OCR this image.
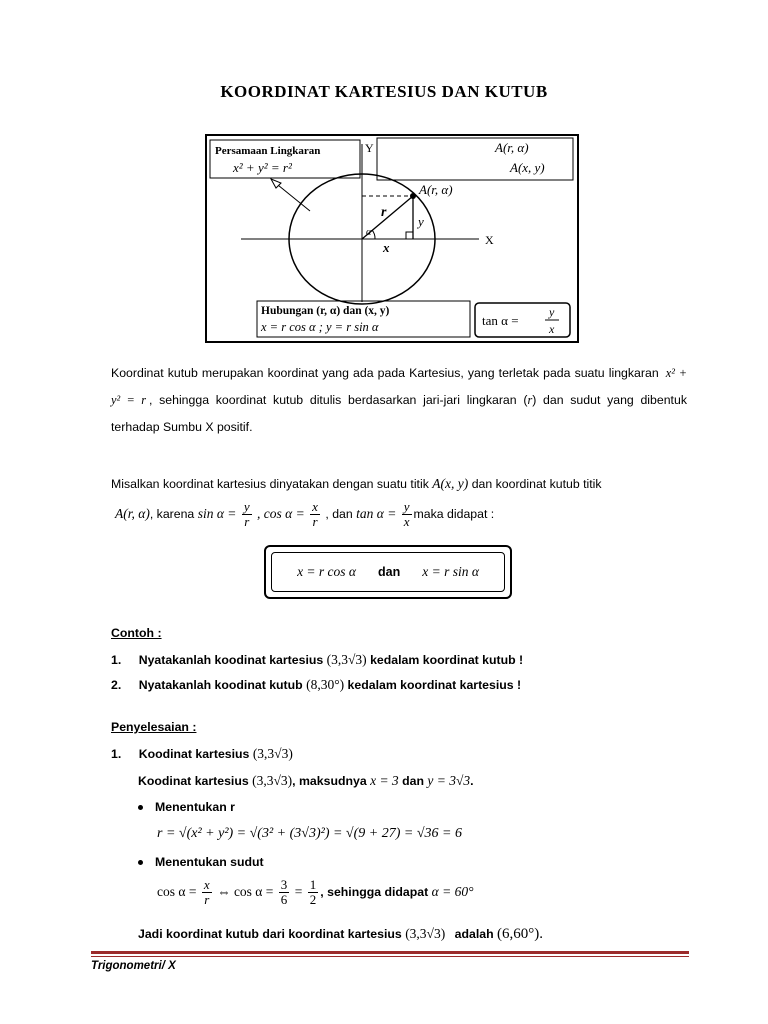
KOORDINAT KARTESIUS DAN KUTUB
Persamaan Lingkaran
x² + y² = r²
A(r, α)
A(x, y)
Y
X
A(r, α)
r
y
x
α
Hubungan (r, α) dan (x, y)
x = r cos α ; y = r sin α	tan α =
y
x
Koordinat kutub merupakan koordinat yang ada pada Kartesius, yang terletak pada suatu lingkaran x² + y² = r , sehingga koordinat kutub ditulis berdasarkan jari-jari lingkaran (r) dan sudut yang dibentuk terhadap Sumbu X positif.
Misalkan koordinat kartesius dinyatakan dengan suatu titik A(x, y) dan koordinat kutub titik
A(r, α), karena $\sin \alpha = \frac{y}{r}$ , $\cos \alpha = \frac{x}{r}$ , dan $\tan \alpha = \frac{y}{x}$ maka didapat :
x = r cos α dan x = r sin α
Contoh :
1. Nyatakanlah koodinat kartesius (3,3√3) kedalam koordinat kutub !
2. Nyatakanlah koodinat kutub (8,30°) kedalam koordinat kartesius !
Penyelesaian :
1. Koodinat kartesius (3,3√3)
Koodinat kartesius (3,3√3), maksudnya x = 3 dan y = 3√3.
Menentukan r
r = √(x² + y²) = √(3² + (3√3)²) = √(9 + 27) = √36 = 6
Menentukan sudut
$\cos \alpha = \frac{x}{r}$ ⇔ $\cos \alpha = \frac{3}{6} = \frac{1}{2}$ , sehingga didapat α = 60°
Jadi koordinat kutub dari koordinat kartesius (3,3√3) adalah (6,60°).
Trigonometri/ X
